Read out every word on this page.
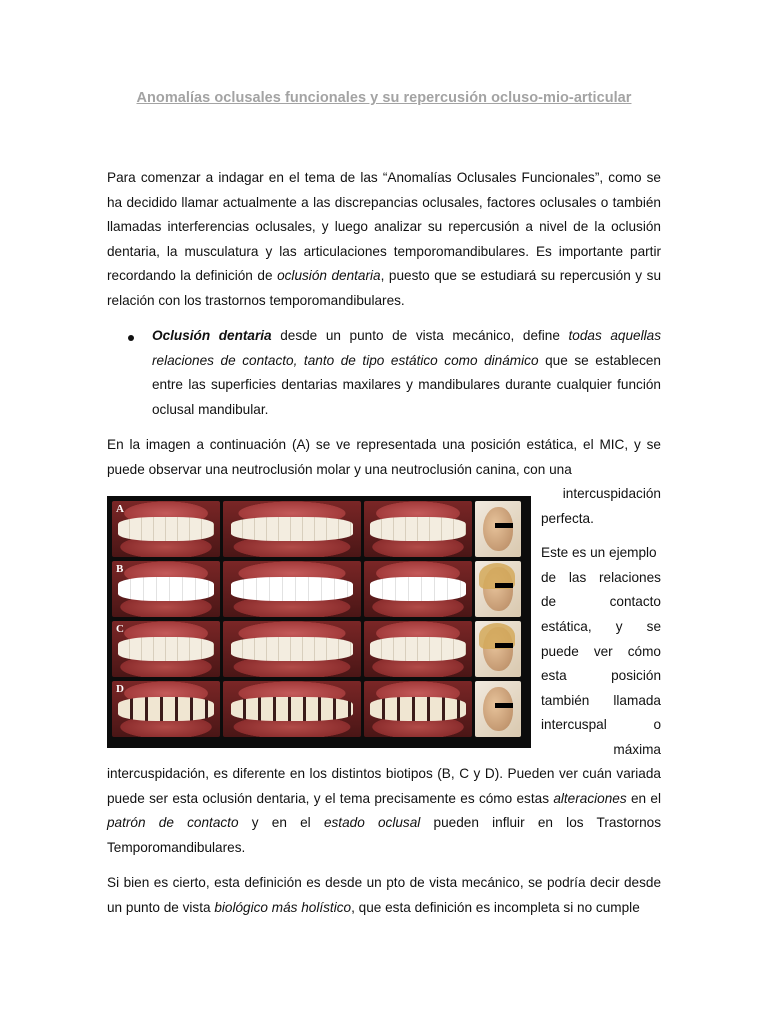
Anomalías oclusales funcionales y su repercusión ocluso-mio-articular

Para comenzar a indagar en el tema de las “Anomalías Oclusales Funcionales”, como se ha decidido llamar actualmente a las discrepancias oclusales, factores oclusales o también llamadas interferencias oclusales, y luego analizar su repercusión a nivel de la oclusión dentaria, la musculatura y las articulaciones temporomandibulares. Es importante partir recordando la definición de oclusión dentaria, puesto que se estudiará su repercusión y su relación con los trastornos temporomandibulares.

Oclusión dentaria desde un punto de vista mecánico, define todas aquellas relaciones de contacto, tanto de tipo estático como dinámico que se establecen entre las superficies dentarias maxilares y mandibulares durante cualquier función oclusal mandibular.

En la imagen a continuación (A) se ve representada una posición estática, el MIC, y se puede observar una neutroclusión molar y una neutroclusión canina, con una

A
B
C
D
intercuspidación
perfecta.
Este es un ejemplo
de las relaciones
de	contacto
estática, y se
puede ver cómo
esta	posición
también llamada
intercuspal	o
máxima

intercuspidación, es diferente en los distintos biotipos (B, C y D). Pueden ver cuán variada puede ser esta oclusión dentaria, y el tema precisamente es cómo estas alteraciones en el patrón de contacto y en el estado oclusal pueden influir en los Trastornos Temporomandibulares.

Si bien es cierto, esta definición es desde un pto de vista mecánico, se podría decir desde un punto de vista biológico más holístico, que esta definición es incompleta si no cumple
